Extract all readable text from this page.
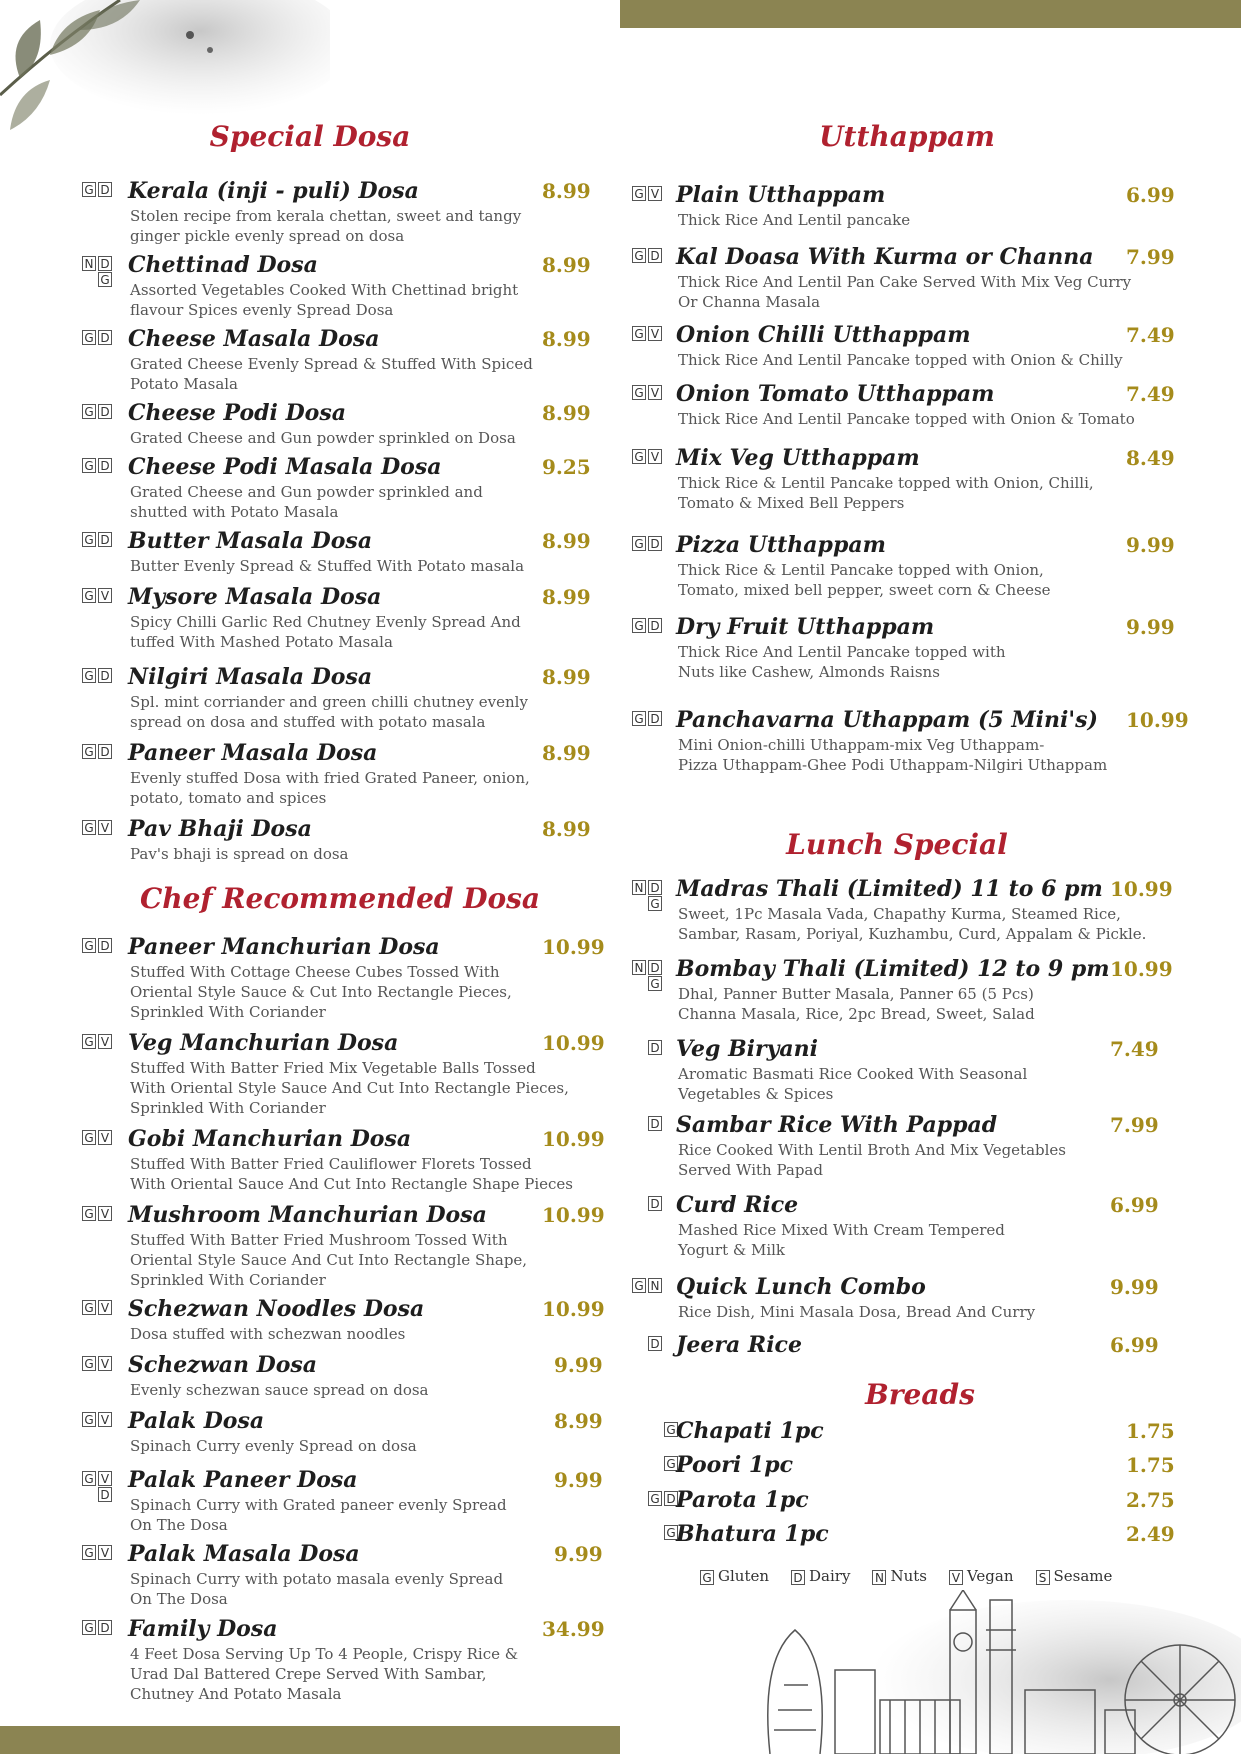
Special Dosa
Chef Recommended Dosa
Utthappam
Lunch Special
Breads
G D Kerala (inji - puli) Dosa	8.99
Stolen recipe from kerala chettan, sweet and tangy
ginger pickle evenly spread on dosa
N D
G
Chettinad Dosa	8.99
Assorted Vegetables Cooked With Chettinad bright
flavour Spices evenly Spread Dosa
G D Cheese Masala Dosa	8.99
Grated Cheese Evenly Spread & Stuffed With Spiced
Potato Masala
G D Cheese Podi Dosa	8.99
Grated Cheese and Gun powder sprinkled on Dosa
G D Cheese Podi Masala Dosa	9.25
Grated Cheese and Gun powder sprinkled and
shutted with Potato Masala
G D Butter Masala Dosa	8.99
Butter Evenly Spread & Stuffed With Potato masala
G V Mysore Masala Dosa	8.99
Spicy Chilli Garlic Red Chutney Evenly Spread And
tuffed With Mashed Potato Masala
G D Nilgiri Masala Dosa	8.99
Spl. mint corriander and green chilli chutney evenly
spread on dosa and stuffed with potato masala
G D Paneer Masala Dosa	8.99
Evenly stuffed Dosa with fried Grated Paneer, onion,
potato, tomato and spices
G V Pav Bhaji Dosa	8.99
Pav's bhaji is spread on dosa
G D Paneer Manchurian Dosa	10.99
Stuffed With Cottage Cheese Cubes Tossed With
Oriental Style Sauce & Cut Into Rectangle Pieces,
Sprinkled With Coriander
G V Veg Manchurian Dosa	10.99
Stuffed With Batter Fried Mix Vegetable Balls Tossed
With Oriental Style Sauce And Cut Into Rectangle Pieces,
Sprinkled With Coriander
G V Gobi Manchurian Dosa	10.99
Stuffed With Batter Fried Cauliflower Florets Tossed
With Oriental Sauce And Cut Into Rectangle Shape Pieces
G V Mushroom Manchurian Dosa	10.99
Stuffed With Batter Fried Mushroom Tossed With
Oriental Style Sauce And Cut Into Rectangle Shape,
Sprinkled With Coriander
G V Schezwan Noodles Dosa	10.99
Dosa stuffed with schezwan noodles
G V Schezwan Dosa	9.99
Evenly schezwan sauce spread on dosa
G V Palak Dosa	8.99
Spinach Curry evenly Spread on dosa
G V
D
Palak Paneer Dosa	9.99
Spinach Curry with Grated paneer evenly Spread
On The Dosa
G V Palak Masala Dosa	9.99
Spinach Curry with potato masala evenly Spread
On The Dosa
G D Family Dosa	34.99
4 Feet Dosa Serving Up To 4 People, Crispy Rice &
Urad Dal Battered Crepe Served With Sambar,
Chutney And Potato Masala
G V Plain Utthappam	6.99
Thick Rice And Lentil pancake
G D Kal Doasa With Kurma or Channa 7.99
Thick Rice And Lentil Pan Cake Served With Mix Veg Curry
Or Channa Masala
G V Onion Chilli Utthappam	7.49
Thick Rice And Lentil Pancake topped with Onion & Chilly
G V Onion Tomato Utthappam	7.49
Thick Rice And Lentil Pancake topped with Onion & Tomato
G V Mix Veg Utthappam	8.49
Thick Rice & Lentil Pancake topped with Onion, Chilli,
Tomato & Mixed Bell Peppers
G D Pizza Utthappam	9.99
Thick Rice & Lentil Pancake topped with Onion,
Tomato, mixed bell pepper, sweet corn & Cheese
G D Dry Fruit Utthappam	9.99
Thick Rice And Lentil Pancake topped with
Nuts like Cashew, Almonds Raisns
G D Panchavarna Uthappam (5 Mini's) 10.99
Mini Onion-chilli Uthappam-mix Veg Uthappam-
Pizza Uthappam-Ghee Podi Uthappam-Nilgiri Uthappam
N D
G
Madras Thali (Limited) 11 to 6 pm 10.99
Sweet, 1Pc Masala Vada, Chapathy Kurma, Steamed Rice,
Sambar, Rasam, Poriyal, Kuzhambu, Curd, Appalam & Pickle.
N D
G
Bombay Thali (Limited) 12 to 9 pm 10.99
Dhal, Panner Butter Masala, Panner 65 (5 Pcs)
Channa Masala, Rice, 2pc Bread, Sweet, Salad
D Veg Biryani	7.49
Aromatic Basmati Rice Cooked With Seasonal
Vegetables & Spices
D Sambar Rice With Pappad	7.99
Rice Cooked With Lentil Broth And Mix Vegetables
Served With Papad
D Curd Rice	6.99
Mashed Rice Mixed With Cream Tempered
Yogurt & Milk
G N Quick Lunch Combo	9.99
Rice Dish, Mini Masala Dosa, Bread And Curry
D Jeera Rice	6.99
G Chapati 1pc	1.75
G Poori 1pc	1.75
G D Parota 1pc	2.75
G Bhatura 1pc	2.49
G Gluten D Dairy N Nuts V Vegan S Sesame
